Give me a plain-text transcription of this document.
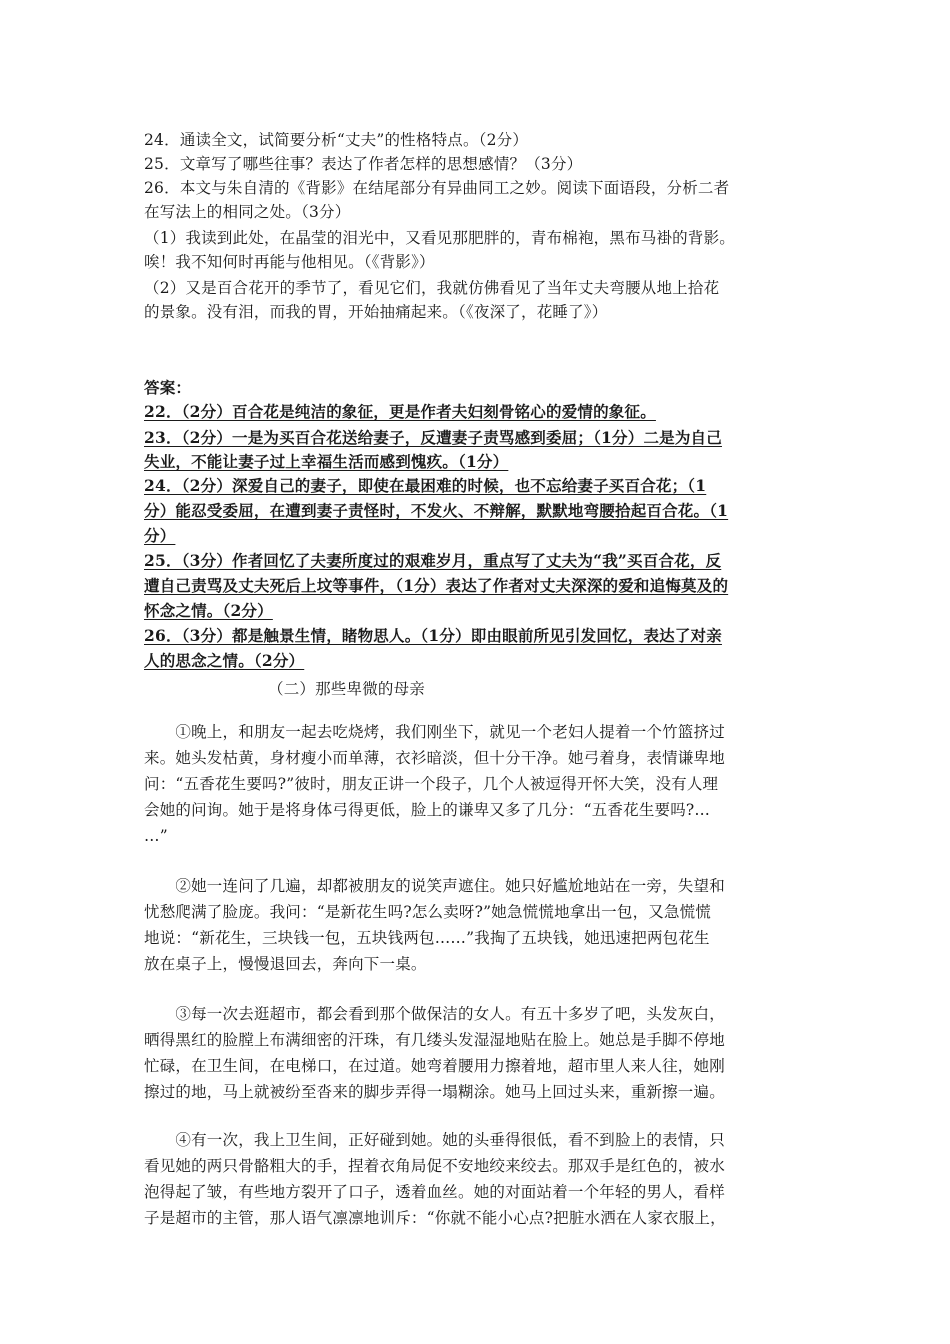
24．通读全文，试简要分析“丈夫”的性格特点。（2分）
25．文章写了哪些往事？表达了作者怎样的思想感情？（3分）
26．本文与朱自清的《背影》在结尾部分有异曲同工之妙。阅读下面语段，分析二者
在写法上的相同之处。（3分）
（1）我读到此处，在晶莹的泪光中，又看见那肥胖的，青布棉袍，黑布马褂的背影。
唉！我不知何时再能与他相见。（《背影》）
（2）又是百合花开的季节了，看见它们，我就仿佛看见了当年丈夫弯腰从地上拾花
的景象。没有泪，而我的胃，开始抽痛起来。（《夜深了，花睡了》）
答案：
22．（2分）百合花是纯洁的象征，更是作者夫妇刻骨铭心的爱情的象征。
23．（2分）一是为买百合花送给妻子，反遭妻子责骂感到委屈；（1分）二是为自己
失业，不能让妻子过上幸福生活而感到愧疚。（1分）
24．（2分）深爱自己的妻子，即使在最困难的时候，也不忘给妻子买百合花；（1
分）能忍受委屈，在遭到妻子责怪时，不发火、不辩解，默默地弯腰拾起百合花。（1
分）
25．（3分）作者回忆了夫妻所度过的艰难岁月，重点写了丈夫为“我”买百合花，反
遭自己责骂及丈夫死后上坟等事件，（1分）表达了作者对丈夫深深的爱和追悔莫及的
怀念之情。（2分）
26．（3分）都是触景生情，睹物思人。（1分）即由眼前所见引发回忆，表达了对亲
人的思念之情。（2分）
（二）那些卑微的母亲
　　①晚上，和朋友一起去吃烧烤，我们刚坐下，就见一个老妇人提着一个竹篮挤过
来。她头发枯黄，身材瘦小而单薄，衣衫暗淡，但十分干净。她弓着身，表情谦卑地
问：“五香花生要吗?”彼时，朋友正讲一个段子，几个人被逗得开怀大笑，没有人理
会她的问询。她于是将身体弓得更低，脸上的谦卑又多了几分：“五香花生要吗?…
…”
　　②她一连问了几遍，却都被朋友的说笑声遮住。她只好尴尬地站在一旁，失望和
忧愁爬满了脸庞。我问：“是新花生吗?怎么卖呀?”她急慌慌地拿出一包，又急慌慌
地说：“新花生，三块钱一包，五块钱两包……”我掏了五块钱，她迅速把两包花生
放在桌子上，慢慢退回去，奔向下一桌。
　　③每一次去逛超市，都会看到那个做保洁的女人。有五十多岁了吧，头发灰白，
晒得黑红的脸膛上布满细密的汗珠，有几缕头发湿湿地贴在脸上。她总是手脚不停地
忙碌，在卫生间，在电梯口，在过道。她弯着腰用力擦着地，超市里人来人往，她刚
擦过的地，马上就被纷至沓来的脚步弄得一塌糊涂。她马上回过头来，重新擦一遍。
　　④有一次，我上卫生间，正好碰到她。她的头垂得很低，看不到脸上的表情，只
看见她的两只骨骼粗大的手，捏着衣角局促不安地绞来绞去。那双手是红色的，被水
泡得起了皱，有些地方裂开了口子，透着血丝。她的对面站着一个年轻的男人，看样
子是超市的主管，那人语气凛凛地训斥：“你就不能小心点?把脏水洒在人家衣服上，
